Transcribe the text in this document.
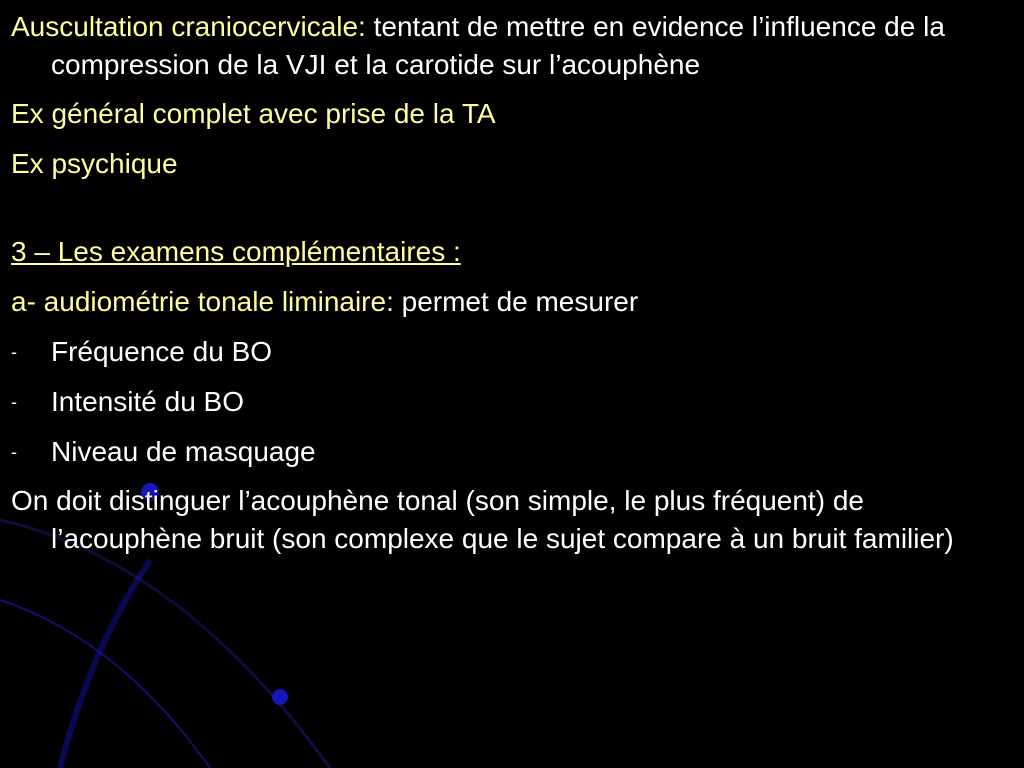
Auscultation craniocervicale: tentant de mettre en evidence l’influence de la compression de la VJI et la carotide sur l’acouphène
Ex général complet avec prise de la TA
Ex psychique
3 – Les examens complémentaires :
a- audiométrie tonale liminaire: permet de mesurer
- Fréquence du BO
- Intensité du BO
- Niveau de masquage
On doit distinguer l’acouphène tonal (son simple, le plus fréquent) de l’acouphène bruit (son complexe que le sujet compare à un bruit familier)
